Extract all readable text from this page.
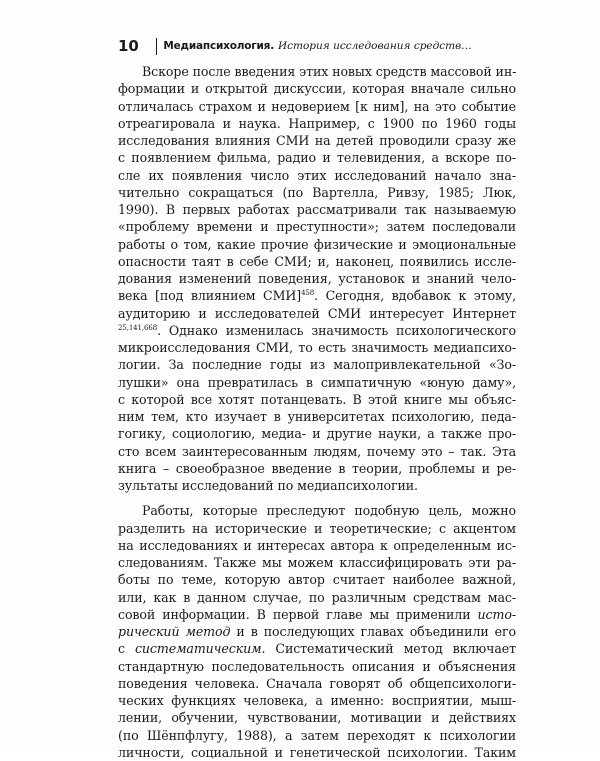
10	Медиапсихология. История исследования средств…
Вскоре после введения этих новых средств массовой ин-
формации и открытой дискуссии, которая вначале сильно
отличалась страхом и недоверием [к ним], на это событие
отреагировала и наука. Например, с 1900 по 1960 годы
исследования влияния СМИ на детей проводили сразу же
с появлением фильма, радио и телевидения, а вскоре по-
сле их появления число этих исследований начало зна-
чительно сокращаться (по Вартелла, Ривзу, 1985; Люк,
1990). В первых работах рассматривали так называемую
«проблему времени и преступности»; затем последовали
работы о том, какие прочие физические и эмоциональные
опасности таят в себе СМИ; и, наконец, появились иссле-
дования изменений поведения, установок и знаний чело-
века [под влиянием СМИ]$^{458}$. Сегодня, вдобавок к этому,
аудиторию и исследователей СМИ интересует Интернет
$^{25,141,668}$. Однако изменилась значимость психологического
микроисследования СМИ, то есть значимость медиапсихо-
логии. За последние годы из малопривлекательной «Зо-
лушки» она превратилась в симпатичную «юную даму»,
с которой все хотят потанцевать. В этой книге мы объяс-
ним тем, кто изучает в университетах психологию, педа-
гогику, социологию, медиа- и другие науки, а также про-
сто всем заинтересованным людям, почему это – так. Эта
книга – своеобразное введение в теории, проблемы и ре-
зультаты исследований по медиапсихологии.
Работы, которые преследуют подобную цель, можно
разделить на исторические и теоретические; с акцентом
на исследованиях и интересах автора к определенным ис-
следованиям. Также мы можем классифицировать эти ра-
боты по теме, которую автор считает наиболее важной,
или, как в данном случае, по различным средствам мас-
совой информации. В первой главе мы применили исто-
рический метод и в последующих главах объединили его
с систематическим. Систематический метод включает
стандартную последовательность описания и объяснения
поведения человека. Сначала говорят об общепсихологи-
ческих функциях человека, а именно: восприятии, мыш-
лении, обучении, чувствовании, мотивации и действиях
(по Шёнпфлугу, 1988), а затем переходят к психологии
личности, социальной и генетической психологии. Таким
